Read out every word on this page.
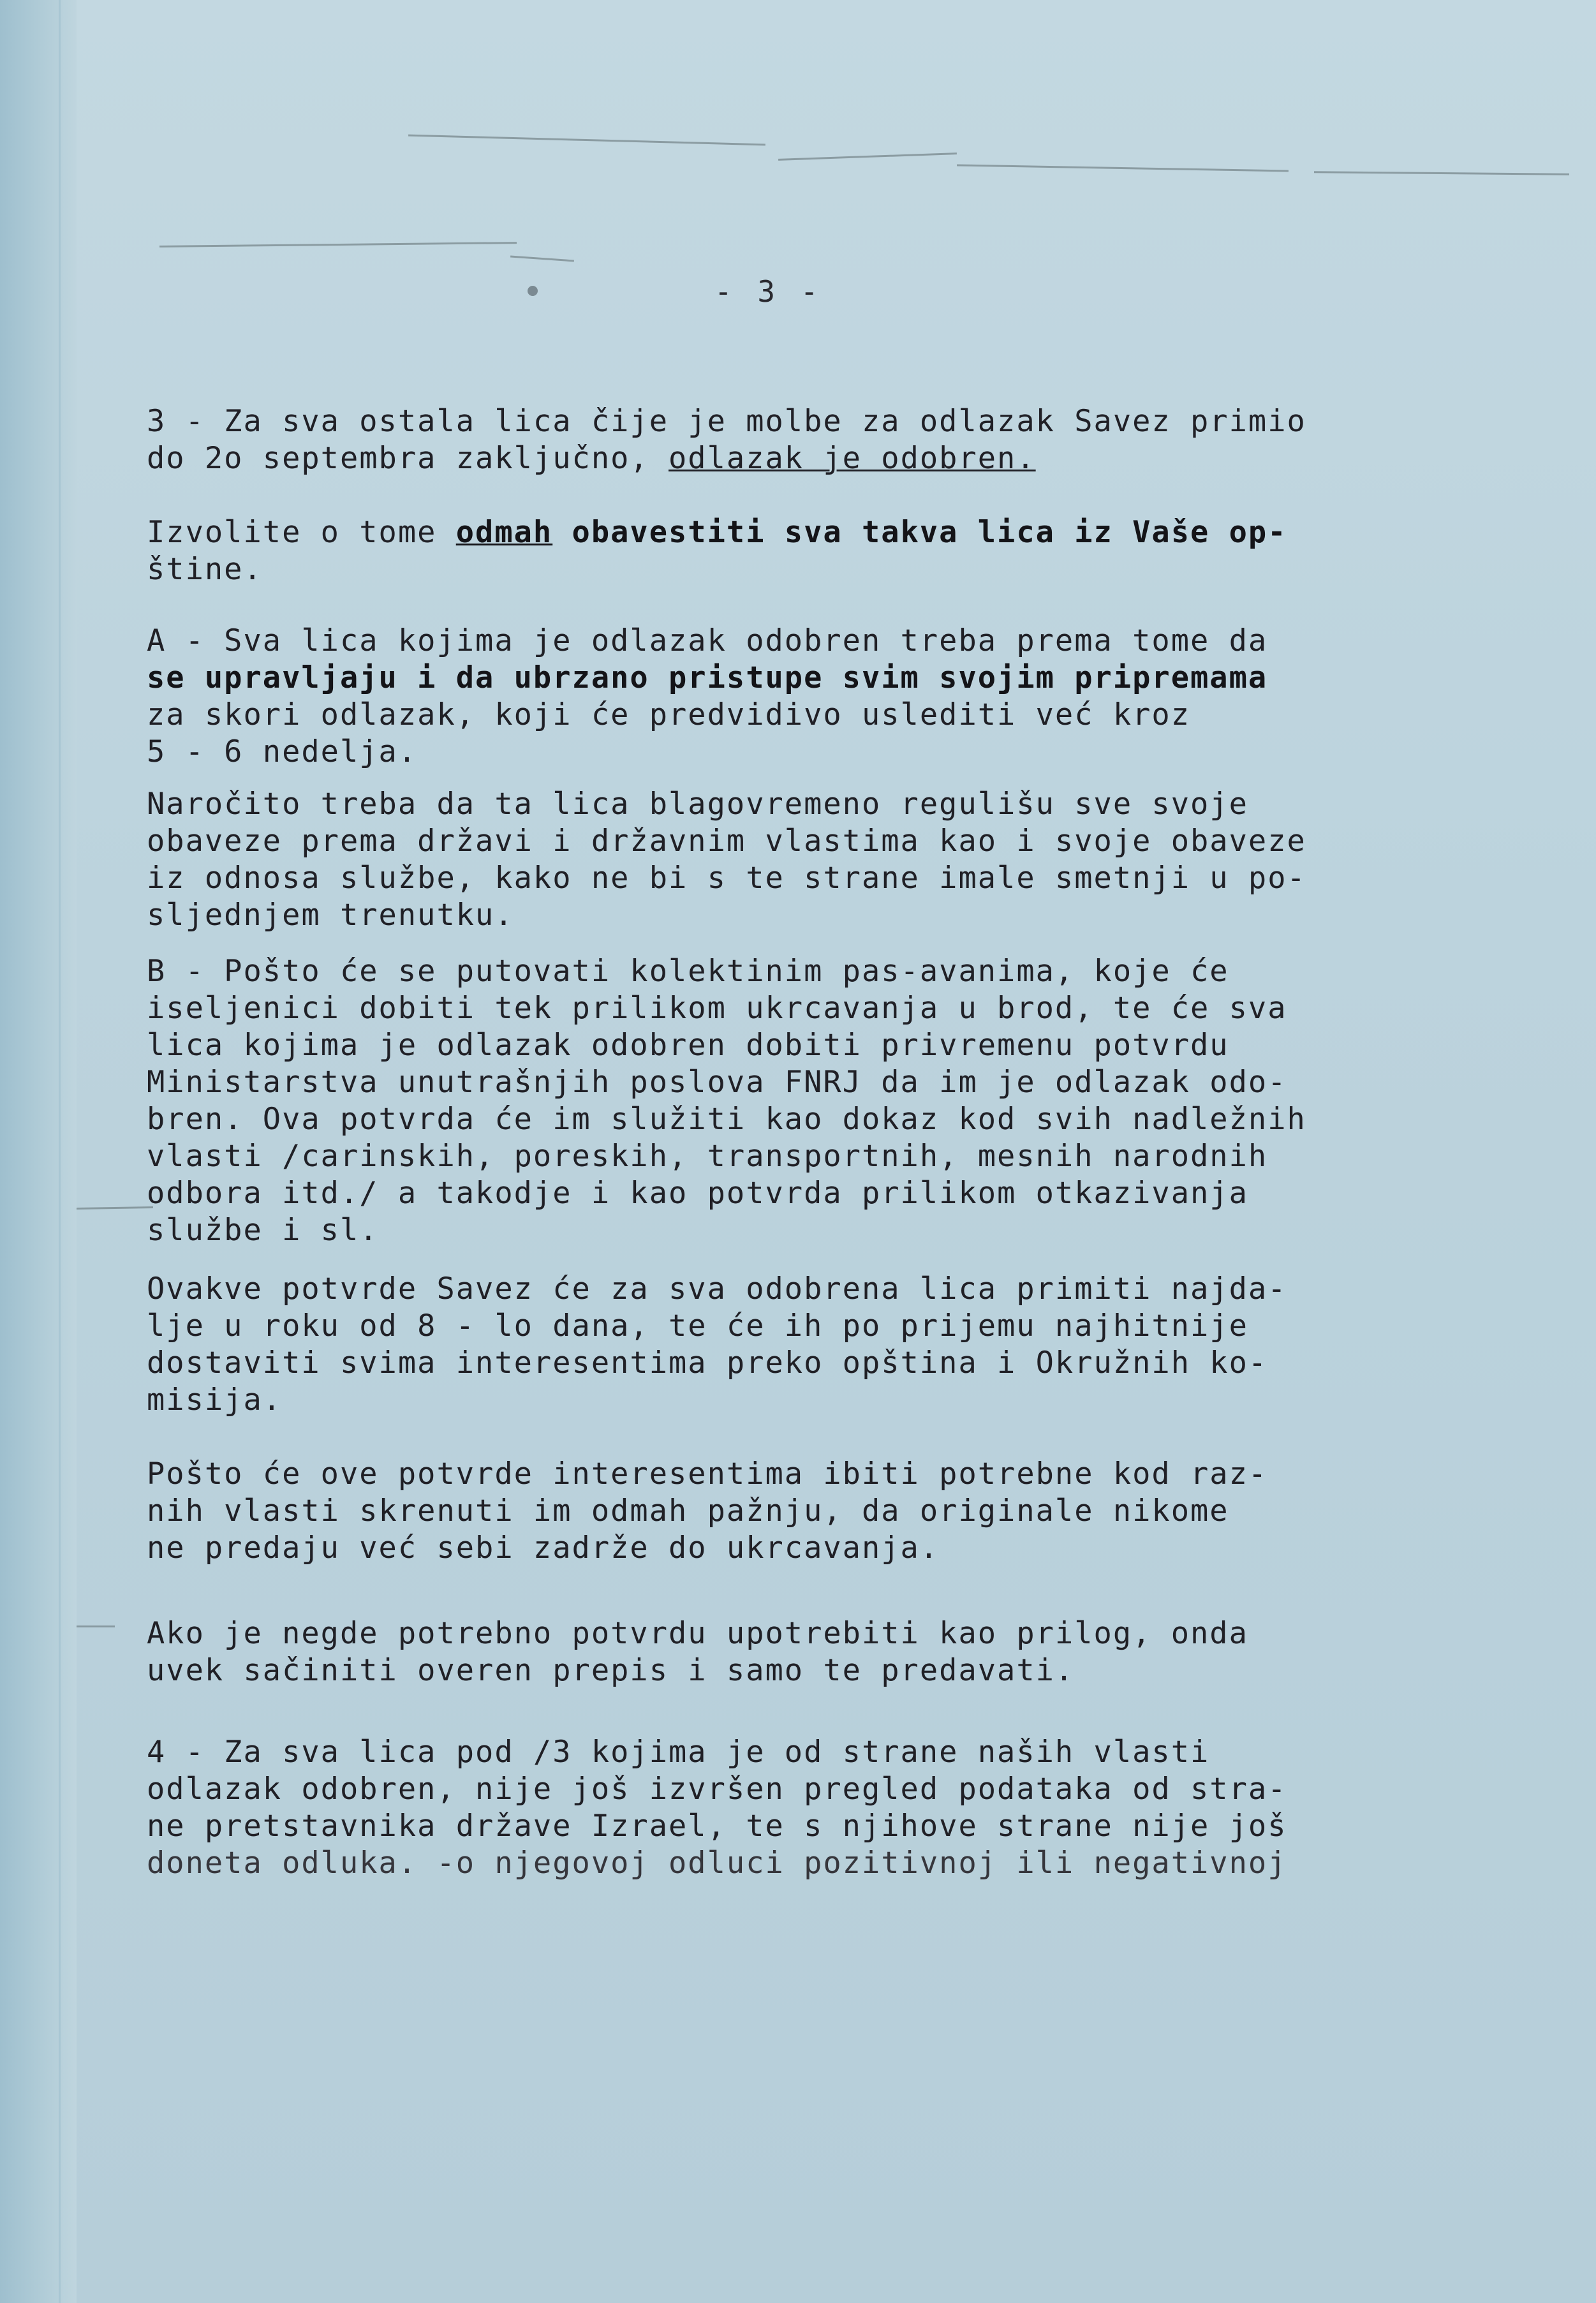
- 3 -
3 - Za sva ostala lica čije je molbe za odlazak Savez primio
do 2o septembra zaključno, odlazak je odobren.
Izvolite o tome odmah obavestiti sva takva lica iz Vaše op-
štine.
A - Sva lica kojima je odlazak odobren treba prema tome da
se upravljaju i da ubrzano pristupe svim svojim pripremama
za skori odlazak, koji će predvidivo uslediti već kroz
5 - 6 nedelja.
Naročito treba da ta lica blagovremeno regulišu sve svoje
obaveze prema državi i državnim vlastima kao i svoje obaveze
iz odnosa službe, kako ne bi s te strane imale smetnji u po-
sljednjem trenutku.
B - Pošto će se putovati kolektinim pas-avanima, koje će
iseljenici dobiti tek prilikom ukrcavanja u brod, te će sva
lica kojima je odlazak odobren dobiti privremenu potvrdu
Ministarstva unutrašnjih poslova FNRJ da im je odlazak odo-
bren. Ova potvrda će im služiti kao dokaz kod svih nadležnih
vlasti /carinskih, poreskih, transportnih, mesnih narodnih
odbora itd./ a takodje i kao potvrda prilikom otkazivanja
službe i sl.
Ovakve potvrde Savez će za sva odobrena lica primiti najda-
lje u roku od 8 - lo dana, te će ih po prijemu najhitnije
dostaviti svima interesentima preko opština i Okružnih ko-
misija.
Pošto će ove potvrde interesentima ibiti potrebne kod raz-
nih vlasti skrenuti im odmah pažnju, da originale nikome
ne predaju već sebi zadrže do ukrcavanja.
Ako je negde potrebno potvrdu upotrebiti kao prilog, onda
uvek sačiniti overen prepis i samo te predavati.
4 - Za sva lica pod /3 kojima je od strane naših vlasti
odlazak odobren, nije još izvršen pregled podataka od stra-
ne pretstavnika države Izrael, te s njihove strane nije još
doneta odluka. -o njegovoj odluci pozitivnoj ili negativnoj
